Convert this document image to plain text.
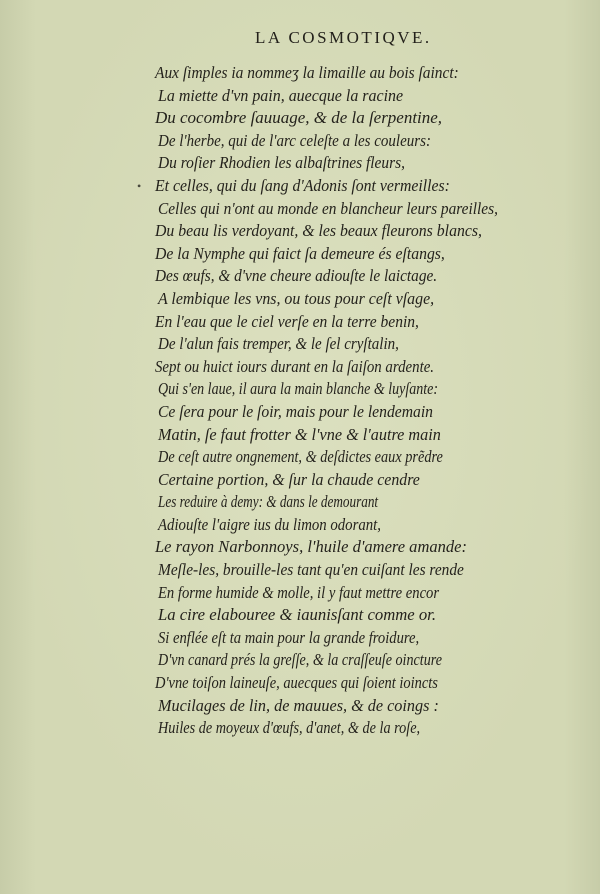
LA COSMOTIQVE.
Aux ſimples ia nommeʒ la limaille au bois ſainct:
La miette d'vn pain, auecque la racine
Du cocombre ſauuage, & de la ſerpentine,
De l'herbe, qui de l'arc celeſte a les couleurs:
Du roſier Rhodien les albaſtrines fleurs,
• Et celles, qui du ſang d'Adonis ſont vermeilles:
Celles qui n'ont au monde en blancheur leurs pareilles,
Du beau lis verdoyant, & les beaux fleurons blancs,
De la Nymphe qui faict ſa demeure és eſtangs,
Des œufs, & d'vne cheure adiouſte le laictage.
A lembique les vns, ou tous pour ceſt vſage,
En l'eau que le ciel verſe en la terre benin,
De l'alun fais tremper, & le ſel cryſtalin,
Sept ou huict iours durant en la ſaiſon ardente.
Qui s'en laue, il aura la main blanche & luyſante:
Ce ſera pour le ſoir, mais pour le lendemain
Matin, ſe faut frotter & l'vne & l'autre main
De ceſt autre ongnement, & deſdictes eaux prẽdre
Certaine portion, & ſur la chaude cendre
Les reduire à demy: & dans le demourant
Adiouſte l'aigre ius du limon odorant,
Le rayon Narbonnoys, l'huile d'amere amande:
Meſle-les, brouille-les tant qu'en cuiſant les rende
En forme humide & molle, il y faut mettre encor
La cire elabouree & iaunisſant comme or.
Si enflée eſt ta main pour la grande froidure,
D'vn canard prés la greſſe, & la craſſeuſe oincture
D'vne toiſon laineuſe, auecques qui ſoient ioincts
Mucilages de lin, de mauues, & de coings :
Huiles de moyeux d'œufs, d'anet, & de la roſe,
